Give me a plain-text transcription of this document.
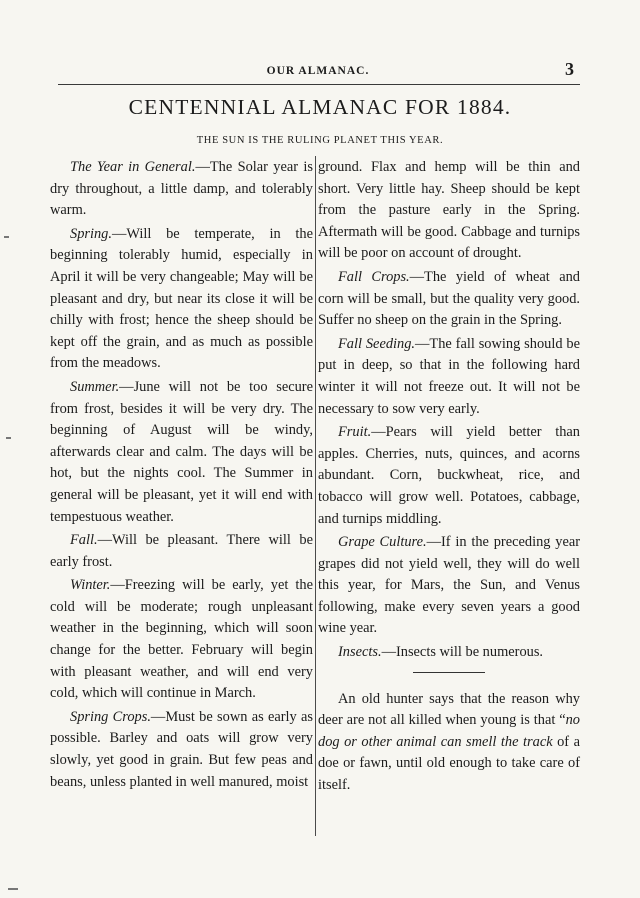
OUR ALMANAC.	3
CENTENNIAL ALMANAC FOR 1884.
THE SUN IS THE RULING PLANET THIS YEAR.

The Year in General.—The Solar year is dry throughout, a little damp, and tolerably warm.

Spring.—Will be temperate, in the beginning tolerably humid, especially in April it will be very changeable; May will be pleasant and dry, but near its close it will be chilly with frost; hence the sheep should be kept off the grain, and as much as possible from the meadows.

Summer.—June will not be too secure from frost, besides it will be very dry. The beginning of August will be windy, afterwards clear and calm. The days will be hot, but the nights cool. The Summer in general will be pleasant, yet it will end with tempestuous weather.

Fall.—Will be pleasant. There will be early frost.

Winter.—Freezing will be early, yet the cold will be moderate; rough unpleasant weather in the beginning, which will soon change for the better. February will begin with pleasant weather, and will end very cold, which will continue in March.

Spring Crops.—Must be sown as early as possible. Barley and oats will grow very slowly, yet good in grain. But few peas and beans, unless planted in well manured, moist

ground. Flax and hemp will be thin and short. Very little hay. Sheep should be kept from the pasture early in the Spring. Aftermath will be good. Cabbage and turnips will be poor on account of drought.

Fall Crops.—The yield of wheat and corn will be small, but the quality very good. Suffer no sheep on the grain in the Spring.

Fall Seeding.—The fall sowing should be put in deep, so that in the following hard winter it will not freeze out. It will not be necessary to sow very early.

Fruit.—Pears will yield better than apples. Cherries, nuts, quinces, and acorns abundant. Corn, buckwheat, rice, and tobacco will grow well. Potatoes, cabbage, and turnips middling.

Grape Culture.—If in the preceding year grapes did not yield well, they will do well this year, for Mars, the Sun, and Venus following, make every seven years a good wine year.

Insects.—Insects will be numerous.

An old hunter says that the reason why deer are not all killed when young is that “no dog or other animal can smell the track of a doe or fawn, until old enough to take care of itself.
